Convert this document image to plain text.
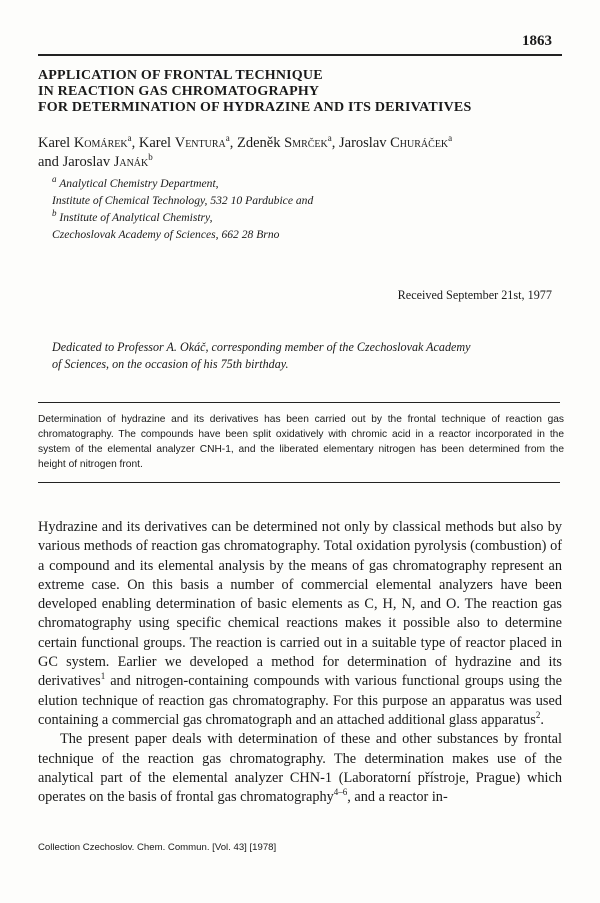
1863
APPLICATION OF FRONTAL TECHNIQUE
IN REACTION GAS CHROMATOGRAPHY
FOR DETERMINATION OF HYDRAZINE AND ITS DERIVATIVES
Karel Komárek$^a$, Karel Ventura$^a$, Zdeněk Smrček$^a$, Jaroslav Churáček$^a$
and Jaroslav Janák$^b$
$^a$ Analytical Chemistry Department,
Institute of Chemical Technology, 532 10 Pardubice and
$^b$ Institute of Analytical Chemistry,
Czechoslovak Academy of Sciences, 662 28 Brno
Received September 21st, 1977
Dedicated to Professor A. Okáč, corresponding member of the Czechoslovak Academy
of Sciences, on the occasion of his 75th birthday.
Determination of hydrazine and its derivatives has been carried out by the frontal technique of reaction gas chromatography. The compounds have been split oxidatively with chromic acid in a reactor incorporated in the system of the elemental analyzer CNH-1, and the liberated elementary nitrogen has been determined from the height of nitrogen front.

Hydrazine and its derivatives can be determined not only by classical methods but also by various methods of reaction gas chromatography. Total oxidation pyrolysis (combustion) of a compound and its elemental analysis by the means of gas chromatography represent an extreme case. On this basis a number of commercial elemental analyzers have been developed enabling determination of basic elements as C, H, N, and O. The reaction gas chromatography using specific chemical reactions makes it possible also to determine certain functional groups. The reaction is carried out in a suitable type of reactor placed in GC system. Earlier we developed a method for determination of hydrazine and its derivatives$^1$ and nitrogen-containing compounds with various functional groups using the elution technique of reaction gas chromatography. For this purpose an apparatus was used containing a commercial gas chromatograph and an attached additional glass apparatus$^2$.

The present paper deals with determination of these and other substances by frontal technique of the reaction gas chromatography. The determination makes use of the analytical part of the elemental analyzer CHN-1 (Laboratorní přístroje, Prague) which operates on the basis of frontal gas chromatography$^{4-6}$, and a reactor in-

Collection Czechoslov. Chem. Commun. [Vol. 43] [1978]
